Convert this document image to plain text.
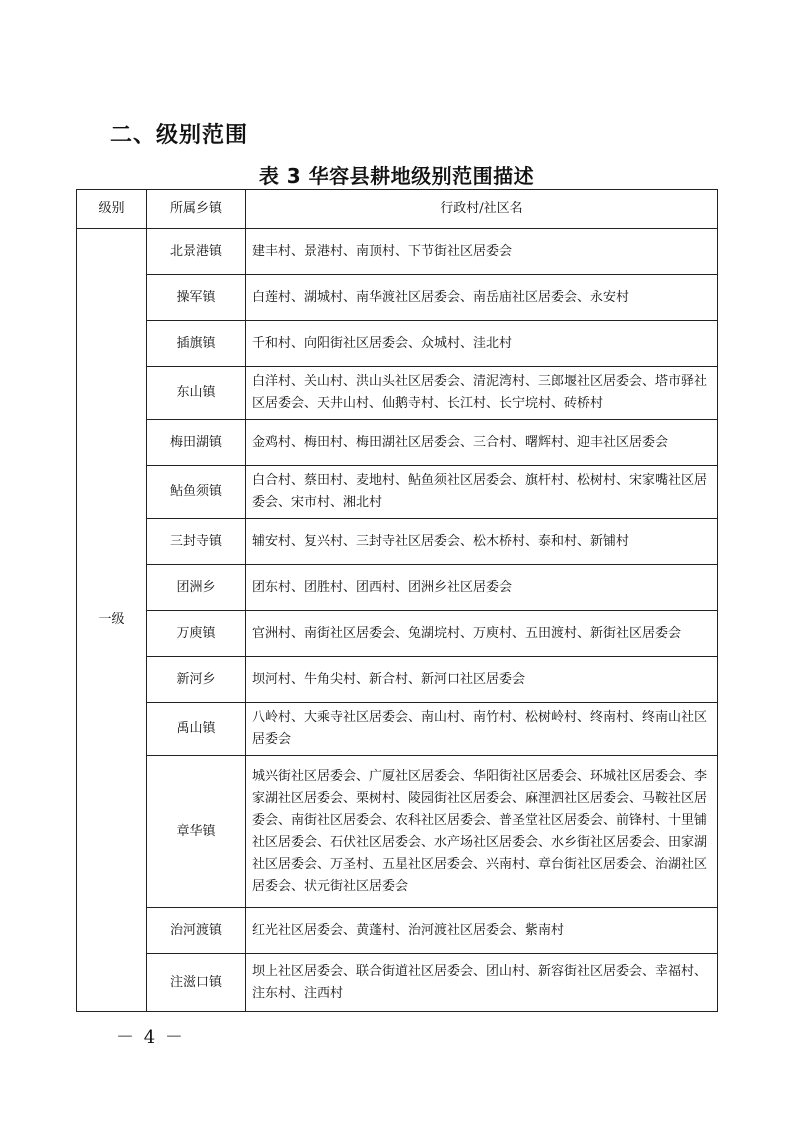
二、级别范围
表 3 华容县耕地级别范围描述
级别	所属乡镇	行政村/社区名
一级	北景港镇	建丰村、景港村、南顶村、下节街社区居委会
	操军镇	白莲村、湖城村、南华渡社区居委会、南岳庙社区居委会、永安村
	插旗镇	千和村、向阳街社区居委会、众城村、洼北村
	东山镇	白洋村、关山村、洪山头社区居委会、清泥湾村、三郎堰社区居委会、塔市驿社区居委会、天井山村、仙鹅寺村、长江村、长宁垸村、砖桥村
	梅田湖镇	金鸡村、梅田村、梅田湖社区居委会、三合村、曙辉村、迎丰社区居委会
	鲇鱼须镇	白合村、蔡田村、麦地村、鲇鱼须社区居委会、旗杆村、松树村、宋家嘴社区居委会、宋市村、湘北村
	三封寺镇	辅安村、复兴村、三封寺社区居委会、松木桥村、泰和村、新铺村
	团洲乡	团东村、团胜村、团西村、团洲乡社区居委会
	万庾镇	官洲村、南街社区居委会、兔湖垸村、万庾村、五田渡村、新街社区居委会
	新河乡	坝河村、牛角尖村、新合村、新河口社区居委会
	禹山镇	八岭村、大乘寺社区居委会、南山村、南竹村、松树岭村、终南村、终南山社区居委会
	章华镇	城兴街社区居委会、广厦社区居委会、华阳街社区居委会、环城社区居委会、李家湖社区居委会、栗树村、陵园街社区居委会、麻浬泗社区居委会、马鞍社区居委会、南街社区居委会、农科社区居委会、普圣堂社区居委会、前锋村、十里铺社区居委会、石伏社区居委会、水产场社区居委会、水乡街社区居委会、田家湖社区居委会、万圣村、五星社区居委会、兴南村、章台街社区居委会、治湖社区居委会、状元街社区居委会
	治河渡镇	红光社区居委会、黄蓬村、治河渡社区居委会、紫南村
	注滋口镇	坝上社区居委会、联合街道社区居委会、团山村、新容街社区居委会、幸福村、注东村、注西村
－ 4 －
